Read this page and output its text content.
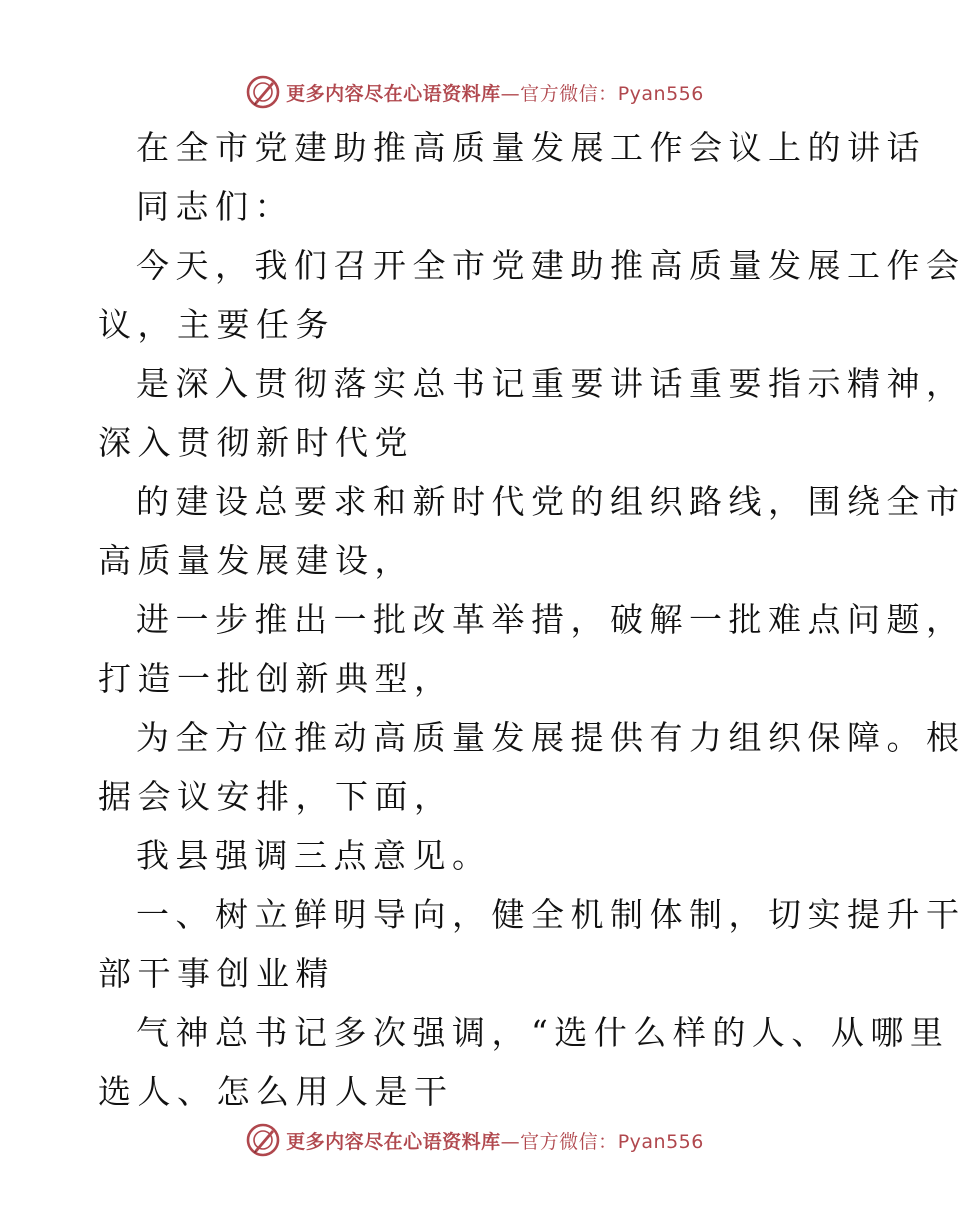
更多内容尽在心语资料库—官方微信：Pyan556
在全市党建助推高质量发展工作会议上的讲话
同志们：
今天，我们召开全市党建助推高质量发展工作会
议，主要任务
是深入贯彻落实总书记重要讲话重要指示精神，
深入贯彻新时代党
的建设总要求和新时代党的组织路线，围绕全市
高质量发展建设，
进一步推出一批改革举措，破解一批难点问题，
打造一批创新典型，
为全方位推动高质量发展提供有力组织保障。根
据会议安排，下面，
我县强调三点意见。
一、树立鲜明导向，健全机制体制，切实提升干
部干事创业精
气神总书记多次强调，“选什么样的人、从哪里
选人、怎么用人是干
更多内容尽在心语资料库—官方微信：Pyan556
